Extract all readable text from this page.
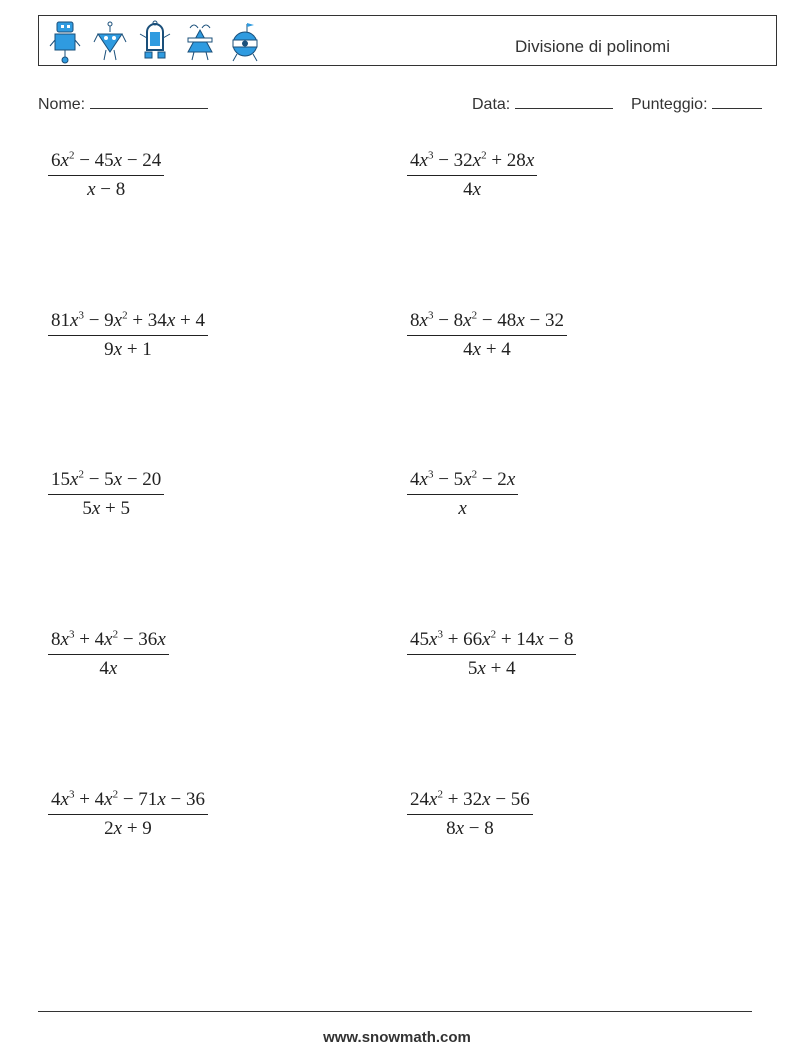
Divisione di polinomi
Nome:	Data:	Punteggio:
$\frac{6x^2 - 45x - 24}{x - 8}$	$\frac{4x^3 - 32x^2 + 28x}{4x}$
$\frac{81x^3 - 9x^2 + 34x + 4}{9x + 1}$	$\frac{8x^3 - 8x^2 - 48x - 32}{4x + 4}$
$\frac{15x^2 - 5x - 20}{5x + 5}$	$\frac{4x^3 - 5x^2 - 2x}{x}$
$\frac{8x^3 + 4x^2 - 36x}{4x}$	$\frac{45x^3 + 66x^2 + 14x - 8}{5x + 4}$
$\frac{4x^3 + 4x^2 - 71x - 36}{2x + 9}$	$\frac{24x^2 + 32x - 56}{8x - 8}$
www.snowmath.com
